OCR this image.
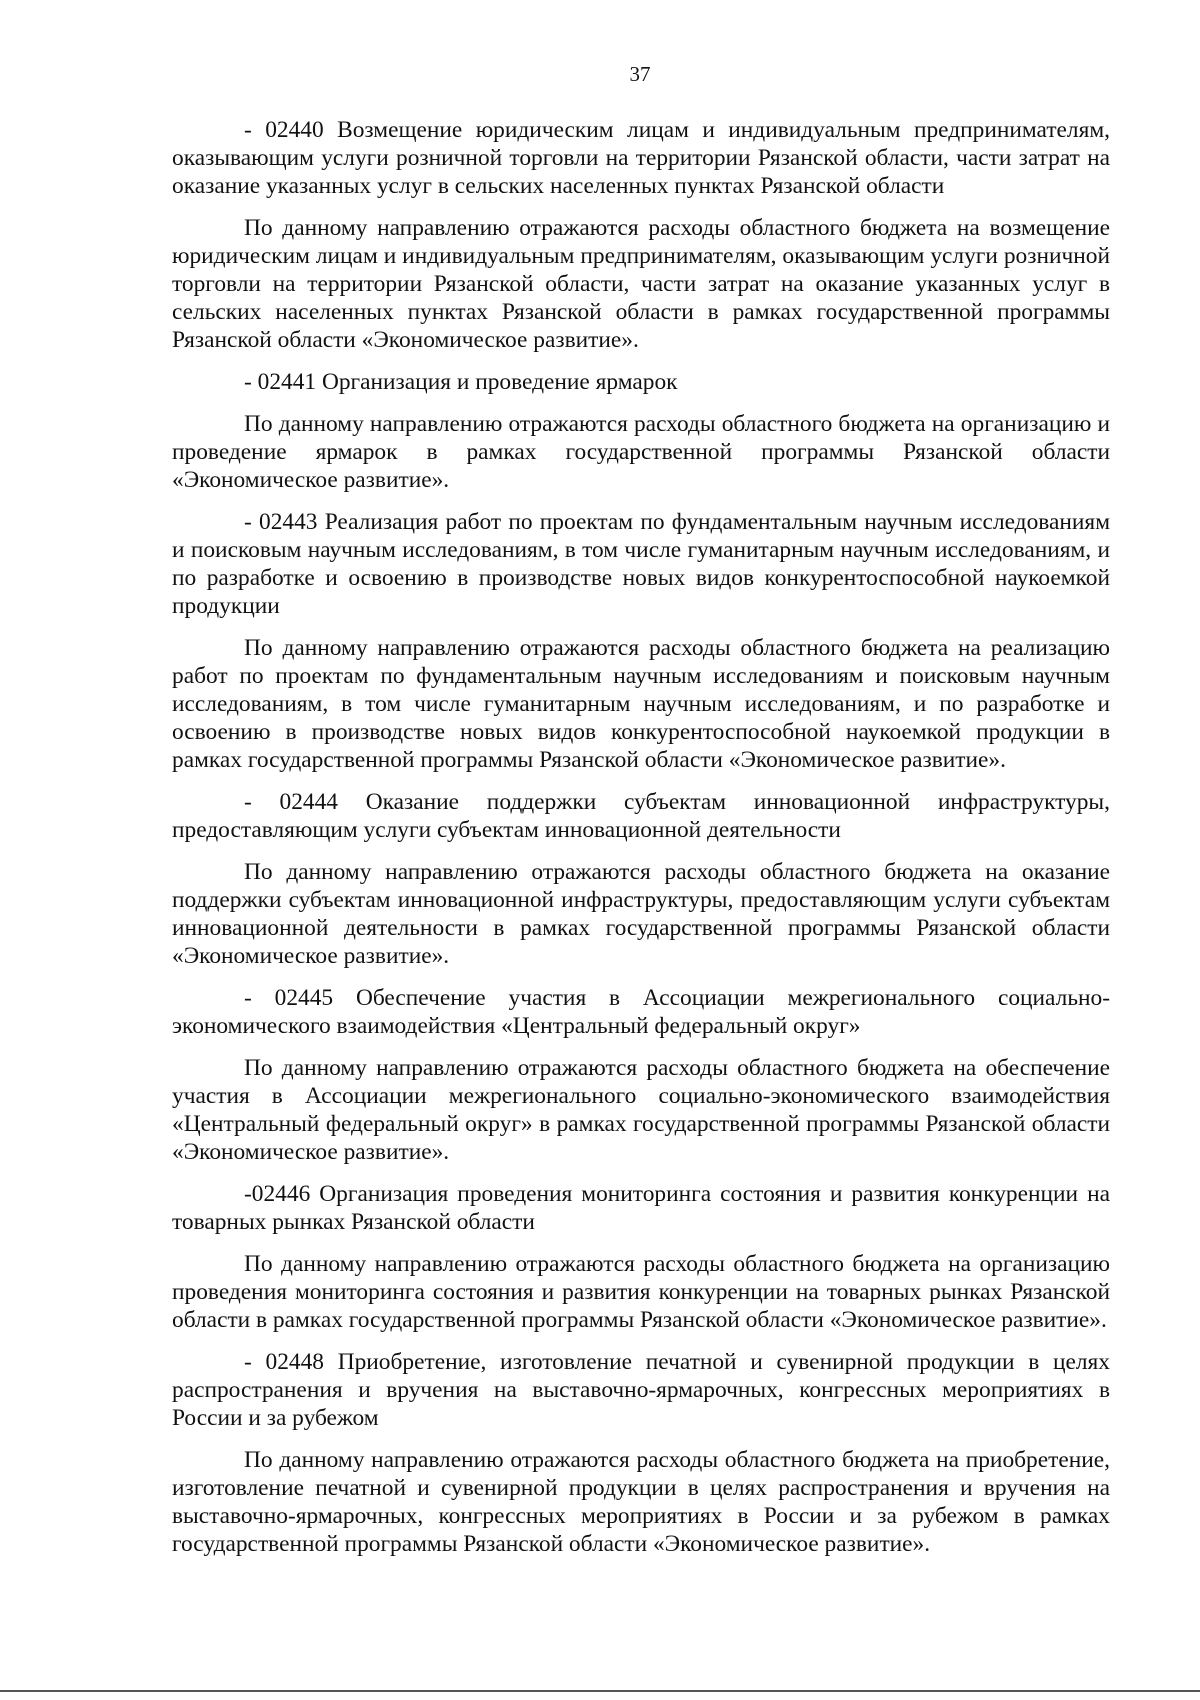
37

- 02440 Возмещение юридическим лицам и индивидуальным предпринимателям, оказывающим услуги розничной торговли на территории Рязанской области, части затрат на оказание указанных услуг в сельских населенных пунктах Рязанской области

По данному направлению отражаются расходы областного бюджета на возмещение юридическим лицам и индивидуальным предпринимателям, оказывающим услуги розничной торговли на территории Рязанской области, части затрат на оказание указанных услуг в сельских населенных пунктах Рязанской области в рамках государственной программы Рязанской области «Экономическое развитие».

- 02441 Организация и проведение ярмарок

По данному направлению отражаются расходы областного бюджета на организацию и проведение ярмарок в рамках государственной программы Рязанской области «Экономическое развитие».

- 02443 Реализация работ по проектам по фундаментальным научным исследованиям и поисковым научным исследованиям, в том числе гуманитарным научным исследованиям, и по разработке и освоению в производстве новых видов конкурентоспособной наукоемкой продукции

По данному направлению отражаются расходы областного бюджета на реализацию работ по проектам по фундаментальным научным исследованиям и поисковым научным исследованиям, в том числе гуманитарным научным исследованиям, и по разработке и освоению в производстве новых видов конкурентоспособной наукоемкой продукции в рамках государственной программы Рязанской области «Экономическое развитие».

- 02444 Оказание поддержки субъектам инновационной инфраструктуры, предоставляющим услуги субъектам инновационной деятельности

По данному направлению отражаются расходы областного бюджета на оказание поддержки субъектам инновационной инфраструктуры, предоставляющим услуги субъектам инновационной деятельности в рамках государственной программы Рязанской области «Экономическое развитие».

- 02445 Обеспечение участия в Ассоциации межрегионального социально-экономического взаимодействия «Центральный федеральный округ»

По данному направлению отражаются расходы областного бюджета на обеспечение участия в Ассоциации межрегионального социально-экономического взаимодействия «Центральный федеральный округ» в рамках государственной программы Рязанской области «Экономическое развитие».

-02446 Организация проведения мониторинга состояния и развития конкуренции на товарных рынках Рязанской области

По данному направлению отражаются расходы областного бюджета на организацию проведения мониторинга состояния и развития конкуренции на товарных рынках Рязанской области в рамках государственной программы Рязанской области «Экономическое развитие».

- 02448 Приобретение, изготовление печатной и сувенирной продукции в целях распространения и вручения на выставочно-ярмарочных, конгрессных мероприятиях в России и за рубежом

По данному направлению отражаются расходы областного бюджета на приобретение, изготовление печатной и сувенирной продукции в целях распространения и вручения на выставочно-ярмарочных, конгрессных мероприятиях в России и за рубежом в рамках государственной программы Рязанской области «Экономическое развитие».
